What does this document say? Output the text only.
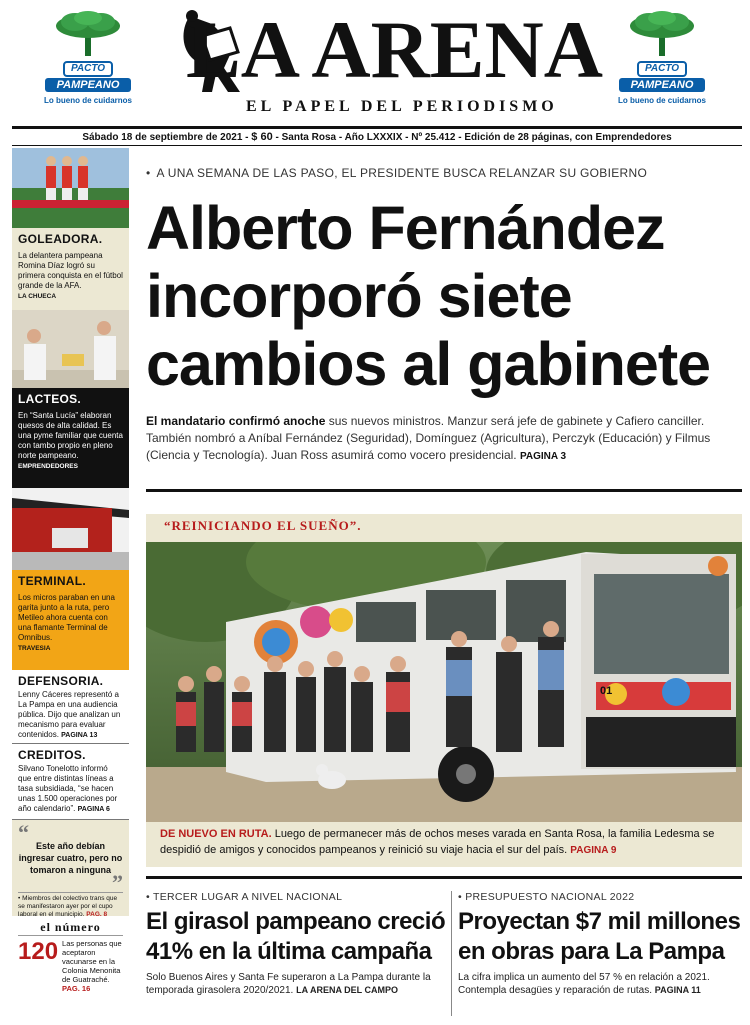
PACTO
PAMPEANO
Lo bueno de cuidarnos
LA ARENA
EL PAPEL DEL PERIODISMO
PACTO
PAMPEANO
Lo bueno de cuidarnos
Sábado 18 de septiembre de 2021 - $ 60 - Santa Rosa - Año LXXXIX - Nº 25.412 - Edición de 28 páginas, con Emprendedores
GOLEADORA.
La delantera pampeana Romina Díaz logró su primera conquista en el fútbol grande de la AFA.
LA CHUECA
LACTEOS.
En “Santa Lucía” elaboran quesos de alta calidad. Es una pyme familiar que cuenta con tambo propio en pleno norte pampeano.
EMPRENDEDORES
TERMINAL.
Los micros paraban en una garita junto a la ruta, pero Metileo ahora cuenta con una flamante Terminal de Omnibus.
TRAVESIA
DEFENSORIA.
Lenny Cáceres representó a La Pampa en una audiencia pública. Dijo que analizan un mecanismo para evaluar contenidos. PAGINA 13
CREDITOS.
Silvano Tonelotto informó que entre distintas líneas a tasa subsidiada, “se hacen unas 1.500 operaciones por año calendario”. PAGINA 6
“
Este año debían ingresar cuatro, pero no tomaron a ninguna ”
• Miembros del colectivo trans que se manifestaron ayer por el cupo laboral en el municipio. PAG. 8
el número
120 Las personas que aceptaron vacunarse en la Colonia Menonita de Guatraché. PAG. 16
• A UNA SEMANA DE LAS PASO, EL PRESIDENTE BUSCA RELANZAR SU GOBIERNO
Alberto Fernández incorporó siete cambios al gabinete

El mandatario confirmó anoche sus nuevos ministros. Manzur será jefe de gabinete y Cafiero canciller. También nombró a Aníbal Fernández (Seguridad), Domínguez (Agricultura), Perczyk (Educación) y Filmus (Ciencia y Tecnología). Juan Ross asumirá como vocero presidencial. PAGINA 3

“REINICIANDO EL SUEÑO”.
01

DE NUEVO EN RUTA. Luego de permanecer más de ochos meses varada en Santa Rosa, la familia Ledesma se despidió de amigos y conocidos pampeanos y reinició su viaje hacia el sur del país. PAGINA 9

• TERCER LUGAR A NIVEL NACIONAL
El girasol pampeano creció 41% en la última campaña
Solo Buenos Aires y Santa Fe superaron a La Pampa durante la temporada girasolera 2020/2021. LA ARENA DEL CAMPO
• PRESUPUESTO NACIONAL 2022
Proyectan $7 mil millones en obras para La Pampa
La cifra implica un aumento del 57 % en relación a 2021. Contempla desagües y reparación de rutas. PAGINA 11
